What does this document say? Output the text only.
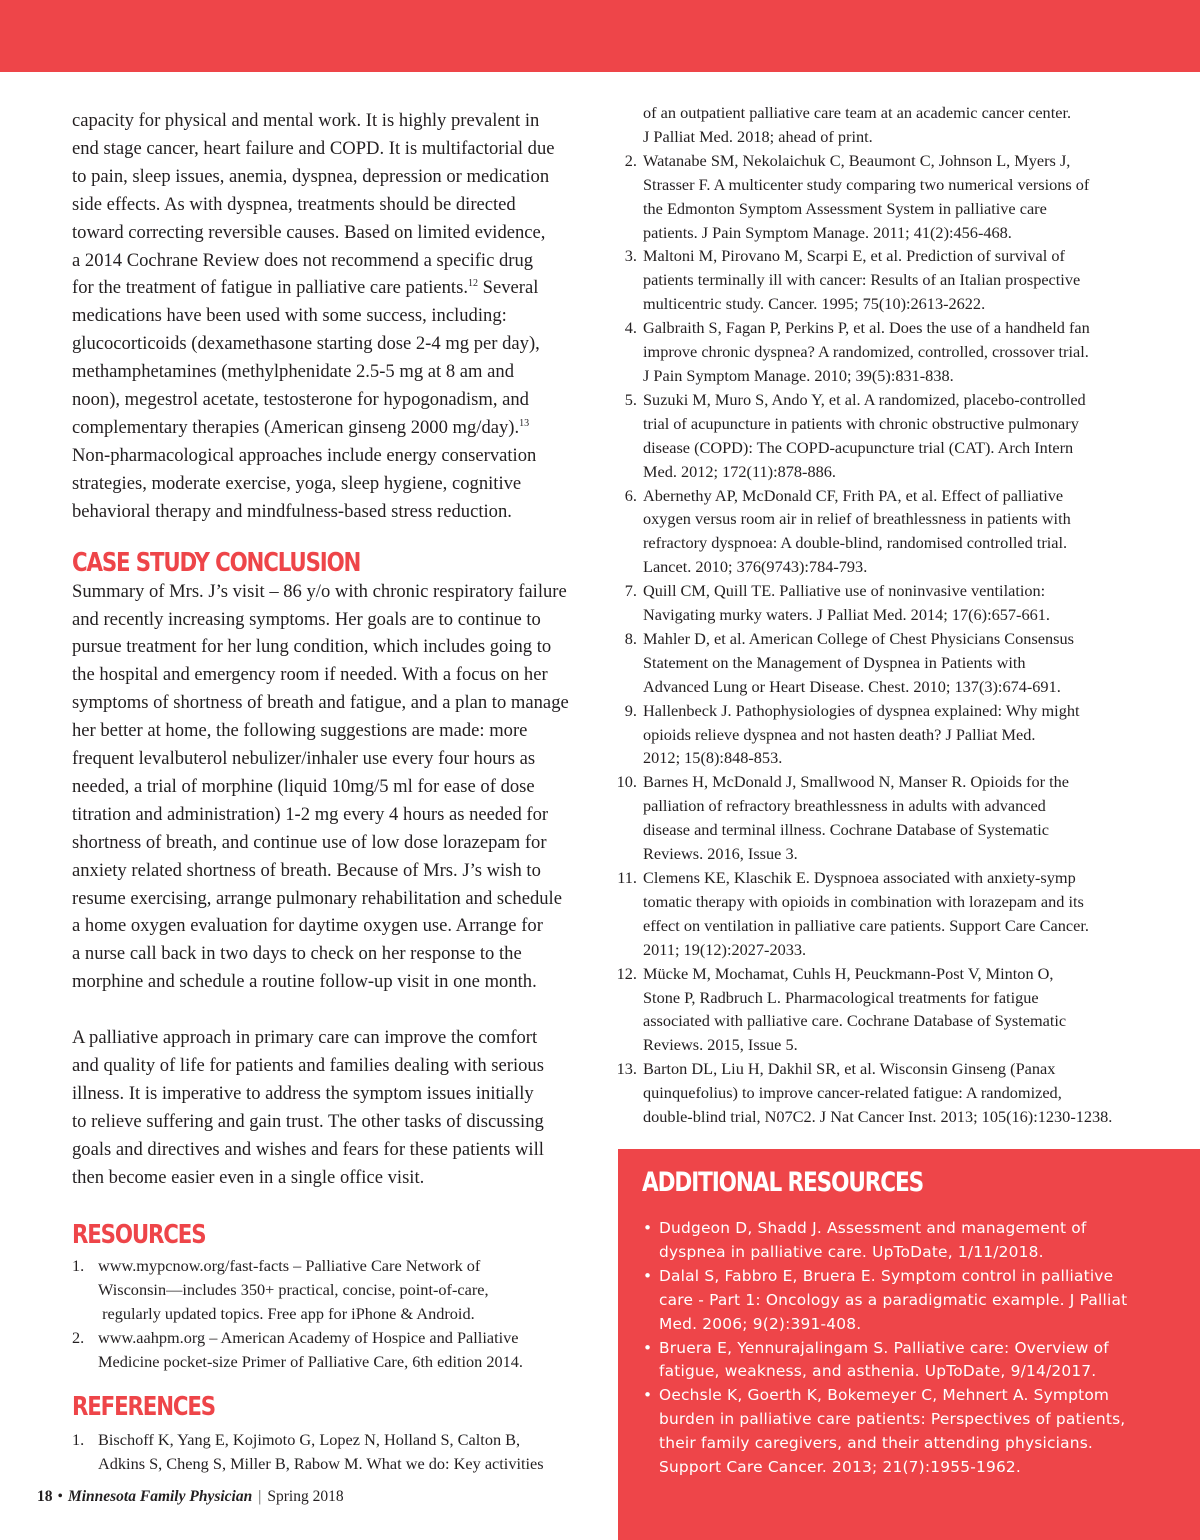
capacity for physical and mental work. It is highly prevalent in
end stage cancer, heart failure and COPD. It is multifactorial due
to pain, sleep issues, anemia, dyspnea, depression or medication
side effects. As with dyspnea, treatments should be directed
toward correcting reversible causes. Based on limited evidence,
a 2014 Cochrane Review does not recommend a specific drug
for the treatment of fatigue in palliative care patients.$^{12}$ Several
medications have been used with some success, including:
glucocorticoids (dexamethasone starting dose 2-4 mg per day),
methamphetamines (methylphenidate 2.5-5 mg at 8 am and
noon), megestrol acetate, testosterone for hypogonadism, and
complementary therapies (American ginseng 2000 mg/day).$^{13}$
Non-pharmacological approaches include energy conservation
strategies, moderate exercise, yoga, sleep hygiene, cognitive
behavioral therapy and mindfulness-based stress reduction.

CASE STUDY CONCLUSION

Summary of Mrs. J’s visit – 86 y/o with chronic respiratory failure
and recently increasing symptoms. Her goals are to continue to
pursue treatment for her lung condition, which includes going to
the hospital and emergency room if needed. With a focus on her
symptoms of shortness of breath and fatigue, and a plan to manage
her better at home, the following suggestions are made: more
frequent levalbuterol nebulizer/inhaler use every four hours as
needed, a trial of morphine (liquid 10mg/5 ml for ease of dose
titration and administration) 1-2 mg every 4 hours as needed for
shortness of breath, and continue use of low dose lorazepam for
anxiety related shortness of breath. Because of Mrs. J’s wish to
resume exercising, arrange pulmonary rehabilitation and schedule
a home oxygen evaluation for daytime oxygen use. Arrange for
a nurse call back in two days to check on her response to the
morphine and schedule a routine follow-up visit in one month.

A palliative approach in primary care can improve the comfort
and quality of life for patients and families dealing with serious
illness. It is imperative to address the symptom issues initially
to relieve suffering and gain trust. The other tasks of discussing
goals and directives and wishes and fears for these patients will
then become easier even in a single office visit.

RESOURCES
1. www.mypcnow.org/fast-facts – Palliative Care Network of
Wisconsin—includes 350+ practical, concise, point-of-care,
regularly updated topics. Free app for iPhone & Android.
2. www.aahpm.org – American Academy of Hospice and Palliative
Medicine pocket-size Primer of Palliative Care, 6th edition 2014.
REFERENCES
1. Bischoff K, Yang E, Kojimoto G, Lopez N, Holland S, Calton B,
Adkins S, Cheng S, Miller B, Rabow M. What we do: Key activities
of an outpatient palliative care team at an academic cancer center.
J Palliat Med. 2018; ahead of print.
2. Watanabe SM, Nekolaichuk C, Beaumont C, Johnson L, Myers J,
Strasser F. A multicenter study comparing two numerical versions of
the Edmonton Symptom Assessment System in palliative care
patients. J Pain Symptom Manage. 2011; 41(2):456-468.
3. Maltoni M, Pirovano M, Scarpi E, et al. Prediction of survival of
patients terminally ill with cancer: Results of an Italian prospective
multicentric study. Cancer. 1995; 75(10):2613-2622.
4. Galbraith S, Fagan P, Perkins P, et al. Does the use of a handheld fan
improve chronic dyspnea? A randomized, controlled, crossover trial.
J Pain Symptom Manage. 2010; 39(5):831-838.
5. Suzuki M, Muro S, Ando Y, et al. A randomized, placebo-controlled
trial of acupuncture in patients with chronic obstructive pulmonary
disease (COPD): The COPD-acupuncture trial (CAT). Arch Intern
Med. 2012; 172(11):878-886.
6. Abernethy AP, McDonald CF, Frith PA, et al. Effect of palliative
oxygen versus room air in relief of breathlessness in patients with
refractory dyspnoea: A double-blind, randomised controlled trial.
Lancet. 2010; 376(9743):784-793.
7. Quill CM, Quill TE. Palliative use of noninvasive ventilation:
Navigating murky waters. J Palliat Med. 2014; 17(6):657-661.
8. Mahler D, et al. American College of Chest Physicians Consensus
Statement on the Management of Dyspnea in Patients with
Advanced Lung or Heart Disease. Chest. 2010; 137(3):674-691.
9. Hallenbeck J. Pathophysiologies of dyspnea explained: Why might
opioids relieve dyspnea and not hasten death? J Palliat Med.
2012; 15(8):848-853.
10. Barnes H, McDonald J, Smallwood N, Manser R. Opioids for the
palliation of refractory breathlessness in adults with advanced
disease and terminal illness. Cochrane Database of Systematic
Reviews. 2016, Issue 3.
11. Clemens KE, Klaschik E. Dyspnoea associated with anxiety-symp
tomatic therapy with opioids in combination with lorazepam and its
effect on ventilation in palliative care patients. Support Care Cancer.
2011; 19(12):2027-2033.
12. Mücke M, Mochamat, Cuhls H, Peuckmann-Post V, Minton O,
Stone P, Radbruch L. Pharmacological treatments for fatigue
associated with palliative care. Cochrane Database of Systematic
Reviews. 2015, Issue 5.
13. Barton DL, Liu H, Dakhil SR, et al. Wisconsin Ginseng (Panax
quinquefolius) to improve cancer-related fatigue: A randomized,
double-blind trial, N07C2. J Nat Cancer Inst. 2013; 105(16):1230-1238.
ADDITIONAL RESOURCES
• Dudgeon D, Shadd J. Assessment and management of
dyspnea in palliative care. UpToDate, 1/11/2018.
• Dalal S, Fabbro E, Bruera E. Symptom control in palliative
care - Part 1: Oncology as a paradigmatic example. J Palliat
Med. 2006; 9(2):391-408.
• Bruera E, Yennurajalingam S. Palliative care: Overview of
fatigue, weakness, and asthenia. UpToDate, 9/14/2017.
• Oechsle K, Goerth K, Bokemeyer C, Mehnert A. Symptom
burden in palliative care patients: Perspectives of patients,
their family caregivers, and their attending physicians.
Support Care Cancer. 2013; 21(7):1955-1962.
18 • Minnesota Family Physician | Spring 2018
